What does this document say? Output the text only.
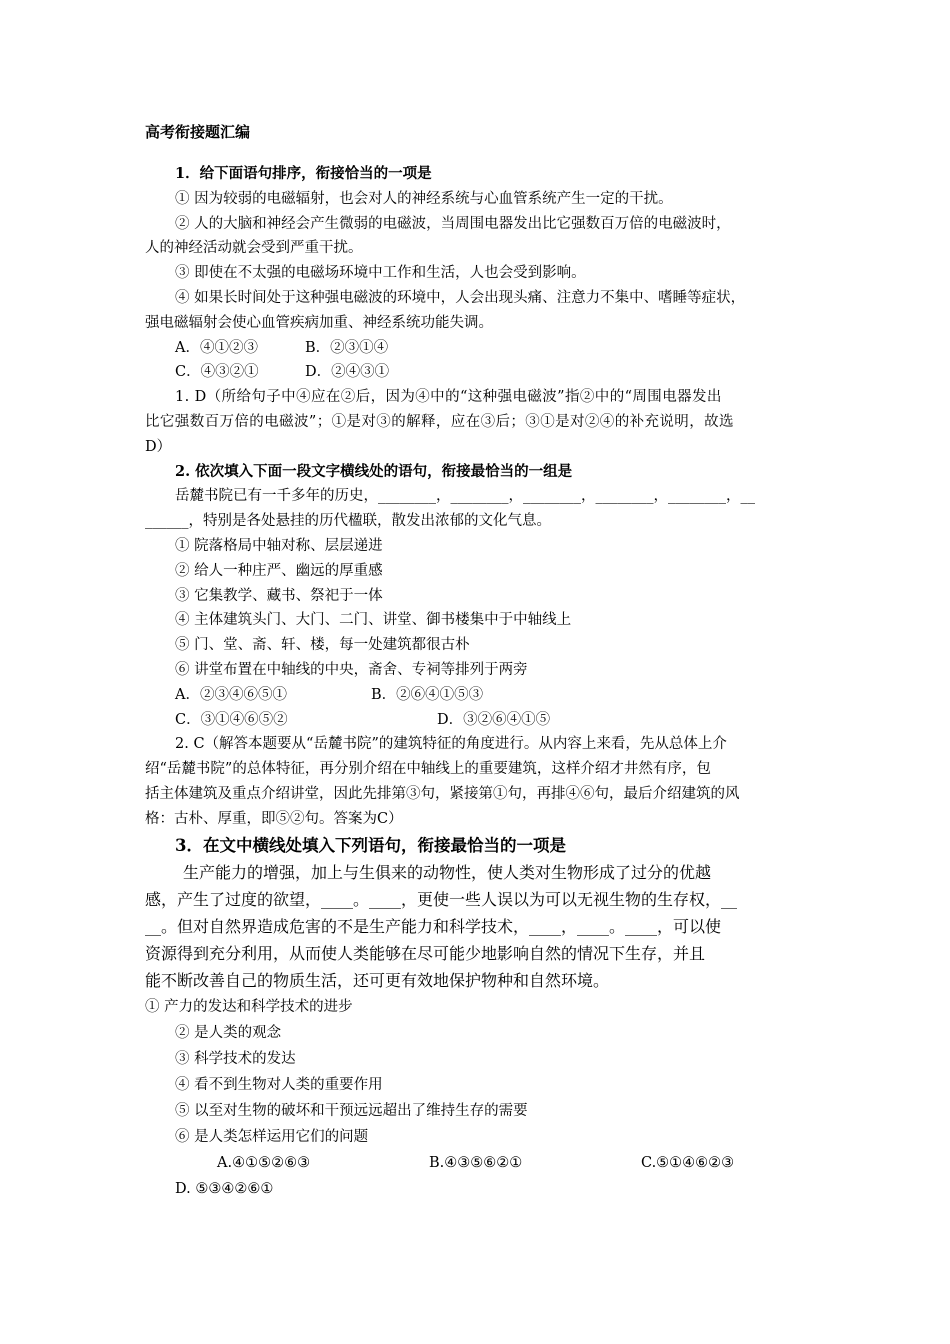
高考衔接题汇编
1．给下面语句排序，衔接恰当的一项是
① 因为较弱的电磁辐射，也会对人的神经系统与心血管系统产生一定的干扰。
② 人的大脑和神经会产生微弱的电磁波，当周围电器发出比它强数百万倍的电磁波时，
人的神经活动就会受到严重干扰。
③ 即使在不太强的电磁场环境中工作和生活，人也会受到影响。
④ 如果长时间处于这种强电磁波的环境中，人会出现头痛、注意力不集中、嗜睡等症状，
强电磁辐射会使心血管疾病加重、神经系统功能失调。
A．④①②③	B．②③①④
C．④③②①	D．②④③①
1. D（所给句子中④应在②后，因为④中的“这种强电磁波”指②中的“周围电器发出
比它强数百万倍的电磁波”；①是对③的解释，应在③后；③①是对②④的补充说明，故选
D）
2. 依次填入下面一段文字横线处的语句，衔接最恰当的一组是
岳麓书院已有一千多年的历史，________，________，________，________，________，__
______，特别是各处悬挂的历代楹联，散发出浓郁的文化气息。
① 院落格局中轴对称、层层递进
② 给人一种庄严、幽远的厚重感
③ 它集教学、藏书、祭祀于一体
④ 主体建筑头门、大门、二门、讲堂、御书楼集中于中轴线上
⑤ 门、堂、斋、轩、楼，每一处建筑都很古朴
⑥ 讲堂布置在中轴线的中央，斋舍、专祠等排列于两旁
A．②③④⑥⑤①	B．②⑥④①⑤③
C．③①④⑥⑤②	D．③②⑥④①⑤
2. C（解答本题要从“岳麓书院”的建筑特征的角度进行。从内容上来看，先从总体上介
绍“岳麓书院”的总体特征，再分别介绍在中轴线上的重要建筑，这样介绍才井然有序，包
括主体建筑及重点介绍讲堂，因此先排第③句，紧接第①句，再排④⑥句，最后介绍建筑的风
格：古朴、厚重，即⑤②句。答案为C）
3．在文中横线处填入下列语句，衔接最恰当的一项是
生产能力的增强，加上与生俱来的动物性，使人类对生物形成了过分的优越
感，产生了过度的欲望，____。____，更使一些人误以为可以无视生物的生存权，__
__。但对自然界造成危害的不是生产能力和科学技术，____，____。____，可以使
资源得到充分利用，从而使人类能够在尽可能少地影响自然的情况下生存，并且
能不断改善自己的物质生活，还可更有效地保护物种和自然环境。
① 产力的发达和科学技术的进步
② 是人类的观念
③ 科学技术的发达
④ 看不到生物对人类的重要作用
⑤ 以至对生物的破坏和干预远远超出了维持生存的需要
⑥ 是人类怎样运用它们的问题
A.④①⑤②⑥③	B.④③⑤⑥②①	C.⑤①④⑥②③
D. ⑤③④②⑥①
